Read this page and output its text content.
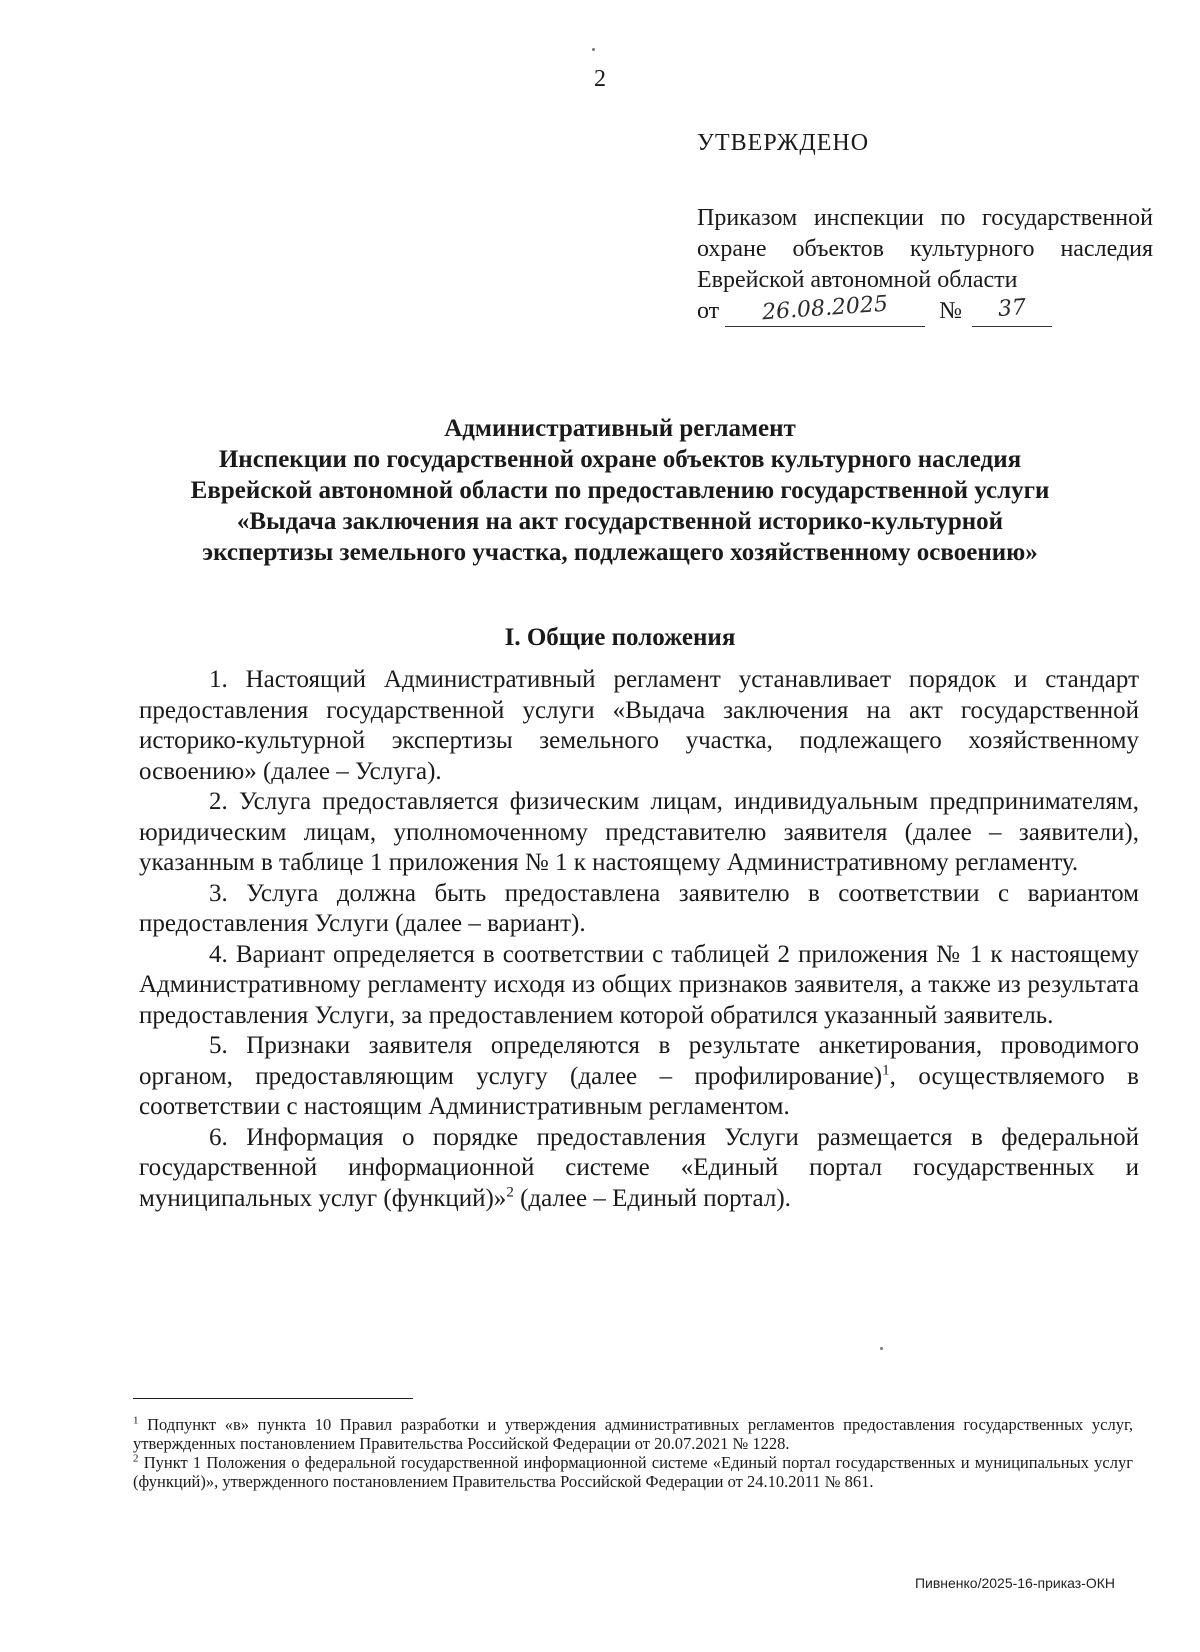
2
УТВЕРЖДЕНО
Приказом инспекции по государственной охране объектов культурного наследия Еврейской автономной области
от	26.08.2025	№	37
Административный регламент
Инспекции по государственной охране объектов культурного наследия
Еврейской автономной области по предоставлению государственной услуги
«Выдача заключения на акт государственной историко-культурной
экспертизы земельного участка, подлежащего хозяйственному освоению»
I. Общие положения

1. Настоящий Административный регламент устанавливает порядок и стандарт предоставления государственной услуги «Выдача заключения на акт государственной историко-культурной экспертизы земельного участка, подлежащего хозяйственному освоению» (далее – Услуга).

2. Услуга предоставляется физическим лицам, индивидуальным предпринимателям, юридическим лицам, уполномоченному представителю заявителя (далее – заявители), указанным в таблице 1 приложения № 1 к настоящему Административному регламенту.

3. Услуга должна быть предоставлена заявителю в соответствии с вариантом предоставления Услуги (далее – вариант).

4. Вариант определяется в соответствии с таблицей 2 приложения № 1 к настоящему Административному регламенту исходя из общих признаков заявителя, а также из результата предоставления Услуги, за предоставлением которой обратился указанный заявитель.

5. Признаки заявителя определяются в результате анкетирования, проводимого органом, предоставляющим услугу (далее – профилирование)$^1$, осуществляемого в соответствии с настоящим Административным регламентом.

6. Информация о порядке предоставления Услуги размещается в федеральной государственной информационной системе «Единый портал государственных и муниципальных услуг (функций)»$^2$ (далее – Единый портал).

$^1$ Подпункт «в» пункта 10 Правил разработки и утверждения административных регламентов предоставления государственных услуг, утвержденных постановлением Правительства Российской Федерации от 20.07.2021 № 1228.

$^2$ Пункт 1 Положения о федеральной государственной информационной системе «Единый портал государственных и муниципальных услуг (функций)», утвержденного постановлением Правительства Российской Федерации от 24.10.2011 № 861.

Пивненко/2025-16-приказ-ОКН
